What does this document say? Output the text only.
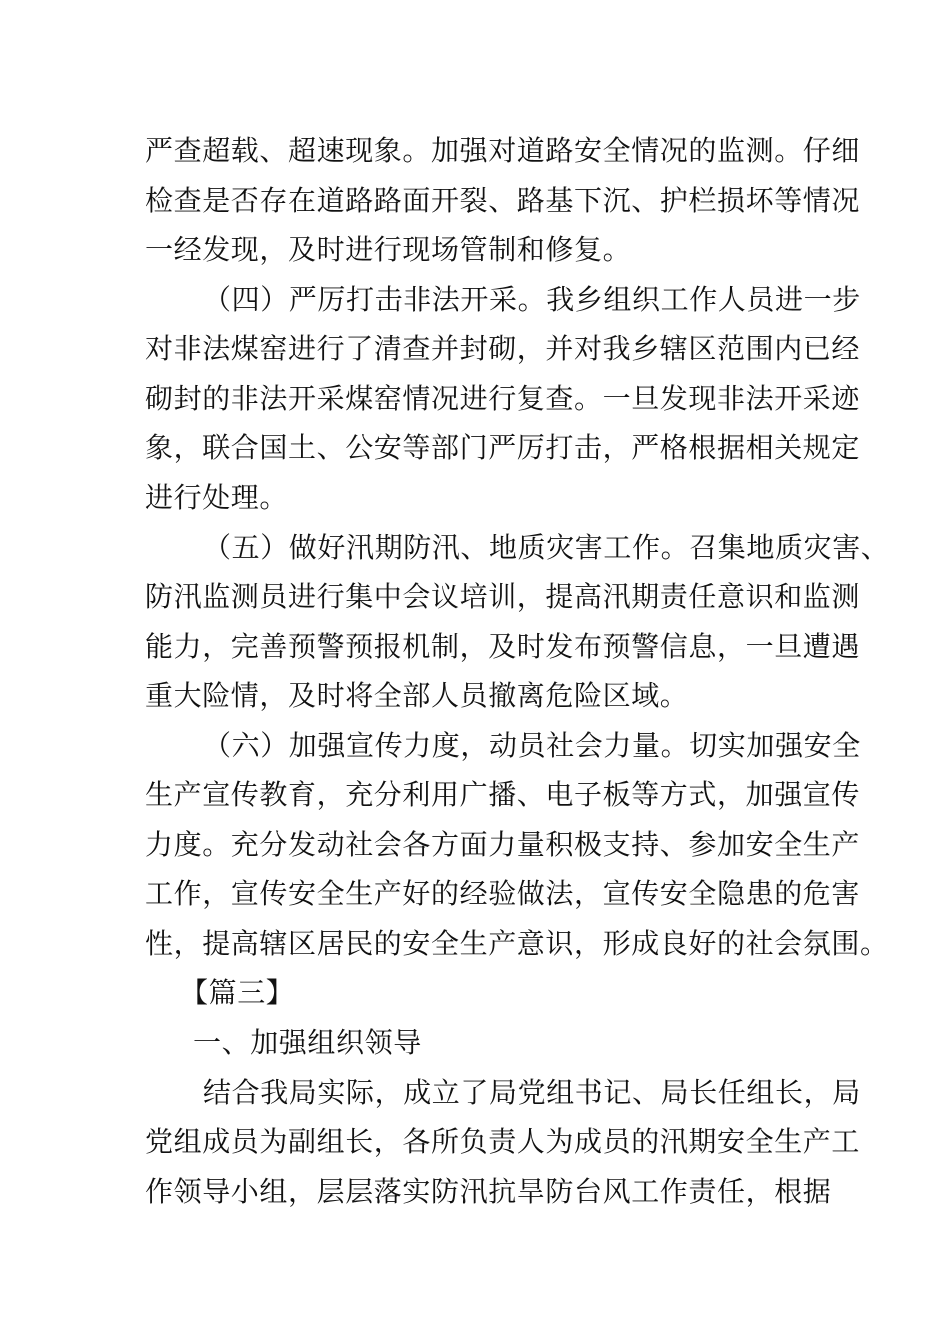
严查超载、超速现象。加强对道路安全情况的监测。仔细
检查是否存在道路路面开裂、路基下沉、护栏损坏等情况
一经发现，及时进行现场管制和修复。
（四）严厉打击非法开采。我乡组织工作人员进一步
对非法煤窑进行了清查并封砌，并对我乡辖区范围内已经
砌封的非法开采煤窑情况进行复查。一旦发现非法开采迹
象，联合国土、公安等部门严厉打击，严格根据相关规定
进行处理。
（五）做好汛期防汛、地质灾害工作。召集地质灾害、
防汛监测员进行集中会议培训，提高汛期责任意识和监测
能力，完善预警预报机制，及时发布预警信息，一旦遭遇
重大险情，及时将全部人员撤离危险区域。
（六）加强宣传力度，动员社会力量。切实加强安全
生产宣传教育，充分利用广播、电子板等方式，加强宣传
力度。充分发动社会各方面力量积极支持、参加安全生产
工作，宣传安全生产好的经验做法，宣传安全隐患的危害
性，提高辖区居民的安全生产意识，形成良好的社会氛围。
【篇三】
一、加强组织领导
结合我局实际，成立了局党组书记、局长任组长，局
党组成员为副组长，各所负责人为成员的汛期安全生产工
作领导小组，层层落实防汛抗旱防台风工作责任，根据
